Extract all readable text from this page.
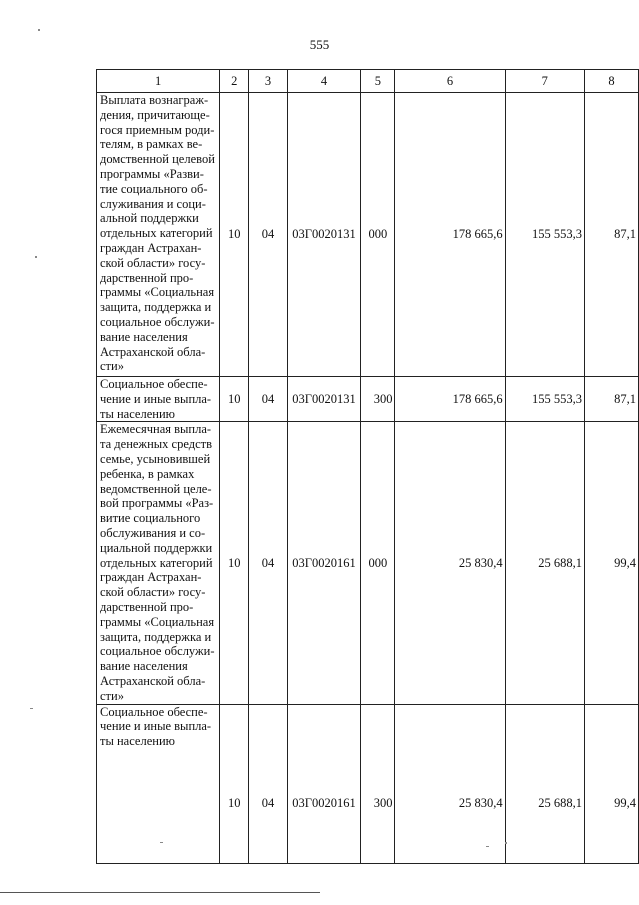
555
1	2	3	4	5	6	7	8
Выплата вознаграж-дения, причитающе-гося приемным роди-телям, в рамках ве-домственной целевой программы «Разви-тие социального об-служивания и соци-альной поддержки отдельных категорий граждан Астрахан-ской области» госу-дарственной про-граммы «Социальная защита, поддержка и социальное обслужи-вание населения Астраханской обла-сти»	10	04	03Г0020131	000	178 665,6	155 553,3	87,1
Социальное обеспе-чение и иные выпла-ты населению	10	04	03Г0020131	300	178 665,6	155 553,3	87,1
Ежемесячная выпла-та денежных средств семье, усыновившей ребенка, в рамках ведомственной целе-вой программы «Раз-витие социального обслуживания и со-циальной поддержки отдельных категорий граждан Астрахан-ской области» госу-дарственной про-граммы «Социальная защита, поддержка и социальное обслужи-вание населения Астраханской обла-сти»	10	04	03Г0020161	000	25 830,4	25 688,1	99,4
Социальное обеспе-чение и иные выпла-ты населению	10	04	03Г0020161	300	25 830,4	25 688,1	99,4
